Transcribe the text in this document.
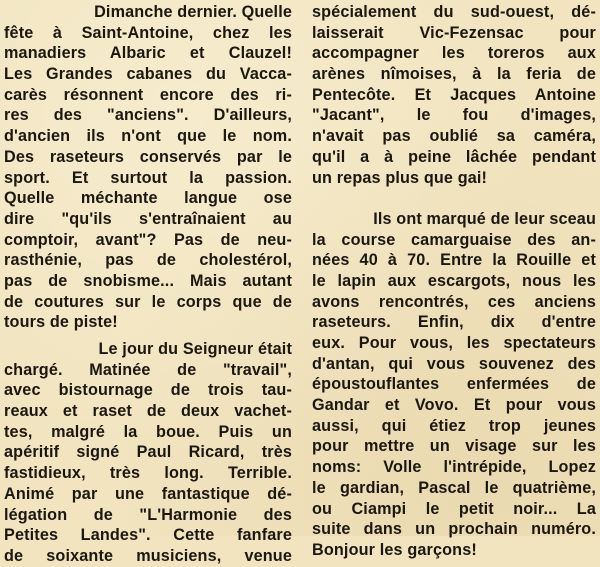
Dimanche dernier. Quelle
fête à Saint-Antoine, chez les
manadiers Albaric et Clauzel!
Les Grandes cabanes du Vacca-
carès résonnent encore des ri-
res des "anciens". D'ailleurs,
d'ancien ils n'ont que le nom.
Des raseteurs conservés par le
sport. Et surtout la passion.
Quelle méchante langue ose
dire "qu'ils s'entraînaient au
comptoir, avant"? Pas de neu-
rasthénie, pas de cholestérol,
pas de snobisme... Mais autant
de coutures sur le corps que de
tours de piste!
Le jour du Seigneur était
chargé. Matinée de "travail",
avec bistournage de trois tau-
reaux et raset de deux vachet-
tes, malgré la boue. Puis un
apéritif signé Paul Ricard, très
fastidieux, très long. Terrible.
Animé par une fantastique dé-
légation de "L'Harmonie des
Petites Landes". Cette fanfare
de soixante musiciens, venue
spécialement du sud-ouest, dé-
laisserait Vic-Fezensac pour
accompagner les toreros aux
arènes nîmoises, à la feria de
Pentecôte. Et Jacques Antoine
"Jacant", le fou d'images,
n'avait pas oublié sa caméra,
qu'il a à peine lâchée pendant
un repas plus que gai!
Ils ont marqué de leur sceau
la course camarguaise des an-
nées 40 à 70. Entre la Rouille et
le lapin aux escargots, nous les
avons rencontrés, ces anciens
raseteurs. Enfin, dix d'entre
eux. Pour vous, les spectateurs
d'antan, qui vous souvenez des
époustouflantes enfermées de
Gandar et Vovo. Et pour vous
aussi, qui étiez trop jeunes
pour mettre un visage sur les
noms: Volle l'intrépide, Lopez
le gardian, Pascal le quatrième,
ou Ciampi le petit noir... La
suite dans un prochain numéro.
Bonjour les garçons!
